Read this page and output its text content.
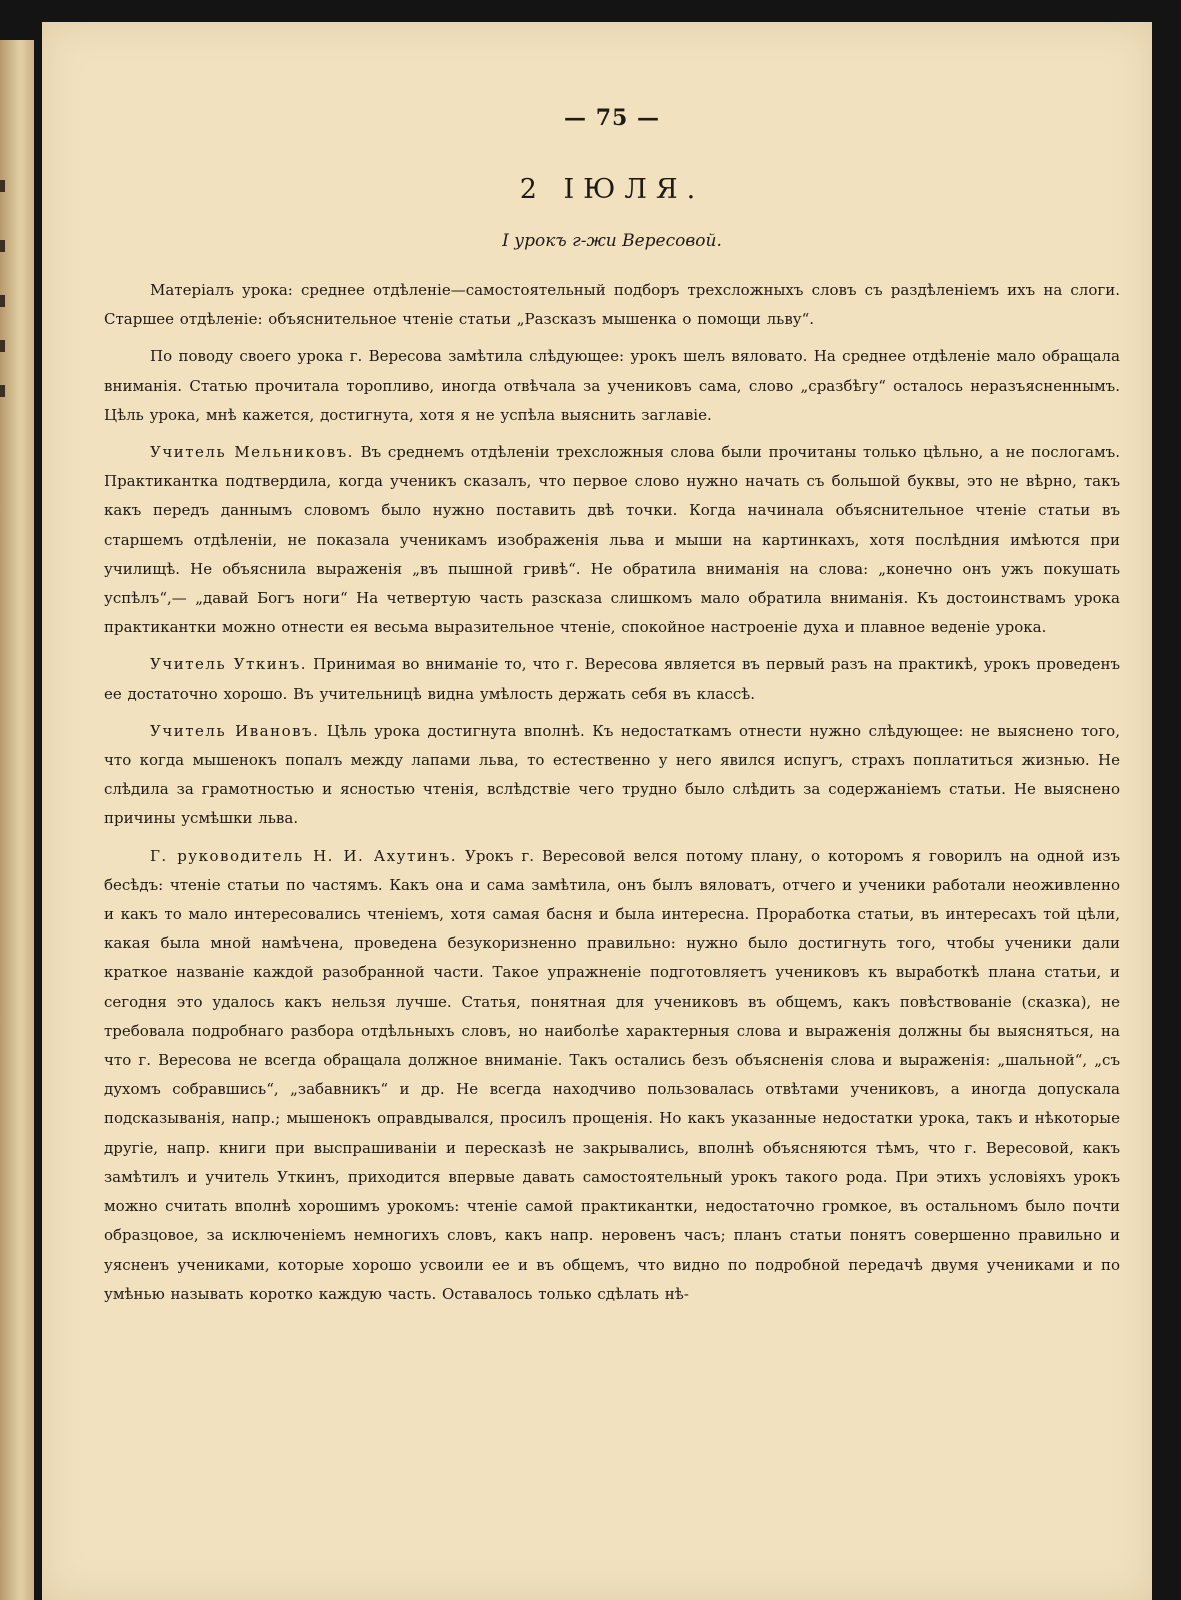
— 75 —
2 ІЮЛЯ.
I урокъ г-жи Вересовой.

Матеріалъ урока: среднее отдѣленіе—самостоятельный подборъ трехсложныхъ словъ съ раздѣленіемъ ихъ на слоги. Старшее отдѣленіе: объяснительное чтеніе статьи „Разсказъ мышенка о помощи льву“.

По поводу своего урока г. Вересова замѣтила слѣдующее: урокъ шелъ вяловато. На среднее отдѣленіе мало обращала вниманія. Статью прочитала торопливо, иногда отвѣчала за учениковъ сама, слово „сразбѣгу“ осталось неразъясненнымъ. Цѣль урока, мнѣ кажется, достигнута, хотя я не успѣла выяснить заглавіе.

Учитель Мельниковъ. Въ среднемъ отдѣленіи трехсложныя слова были прочитаны только цѣльно, а не послогамъ. Практикантка подтвердила, когда ученикъ сказалъ, что первое слово нужно начать съ большой буквы, это не вѣрно, такъ какъ передъ даннымъ словомъ было нужно поставить двѣ точки. Когда начинала объяснительное чтеніе статьи въ старшемъ отдѣленіи, не показала ученикамъ изображенія льва и мыши на картинкахъ, хотя послѣдния имѣются при училищѣ. Не объяснила выраженія „въ пышной гривѣ“. Не обратила вниманія на слова: „конечно онъ ужъ покушать успѣлъ“,— „давай Богъ ноги“ На четвертую часть разсказа слишкомъ мало обратила вниманія. Къ достоинствамъ урока практикантки можно отнести ея весьма выразительное чтеніе, спокойное настроеніе духа и плавное веденіе урока.

Учитель Уткинъ. Принимая во вниманіе то, что г. Вересова является въ первый разъ на практикѣ, урокъ проведенъ ее достаточно хорошо. Въ учительницѣ видна умѣлость держать себя въ классѣ.

Учитель Ивановъ. Цѣль урока достигнута вполнѣ. Къ недостаткамъ отнести нужно слѣдующее: не выяснено того, что когда мышенокъ попалъ между лапами льва, то естественно у него явился испугъ, страхъ поплатиться жизнью. Не слѣдила за грамотностью и ясностью чтенія, вслѣдствіе чего трудно было слѣдить за содержаніемъ статьи. Не выяснено причины усмѣшки льва.

Г. руководитель Н. И. Ахутинъ. Урокъ г. Вересовой велся потому плану, о которомъ я говорилъ на одной изъ бесѣдъ: чтеніе статьи по частямъ. Какъ она и сама замѣтила, онъ былъ вяловатъ, отчего и ученики работали неоживленно и какъ то мало интересовались чтеніемъ, хотя самая басня и была интересна. Проработка статьи, въ интересахъ той цѣли, какая была мной намѣчена, проведена безукоризненно правильно: нужно было достигнуть того, чтобы ученики дали краткое названіе каждой разобранной части. Такое упражненіе подготовляетъ учениковъ къ выработкѣ плана статьи, и сегодня это удалось какъ нельзя лучше. Статья, понятная для учениковъ въ общемъ, какъ повѣствованіе (сказка), не требовала подробнаго разбора отдѣльныхъ словъ, но наиболѣе характерныя слова и выраженія должны бы выясняться, на что г. Вересова не всегда обращала должное вниманіе. Такъ остались безъ объясненія слова и выраженія: „шальной“, „съ духомъ собравшись“, „забавникъ“ и др. Не всегда находчиво пользовалась отвѣтами учениковъ, а иногда допускала подсказыванія, напр.; мышенокъ оправдывался, просилъ прощенія. Но какъ указанные недостатки урока, такъ и нѣкоторые другіе, напр. книги при выспрашиваніи и пересказѣ не закрывались, вполнѣ объясняются тѣмъ, что г. Вересовой, какъ замѣтилъ и учитель Уткинъ, приходится впервые давать самостоятельный урокъ такого рода. При этихъ условіяхъ урокъ можно считать вполнѣ хорошимъ урокомъ: чтеніе самой практикантки, недостаточно громкое, въ остальномъ было почти образцовое, за исключеніемъ немногихъ словъ, какъ напр. неровенъ часъ; планъ статьи понятъ совершенно правильно и уясненъ учениками, которые хорошо усвоили ее и въ общемъ, что видно по подробной передачѣ двумя учениками и по умѣнью называть коротко каждую часть. Оставалось только сдѣлать нѣ-
